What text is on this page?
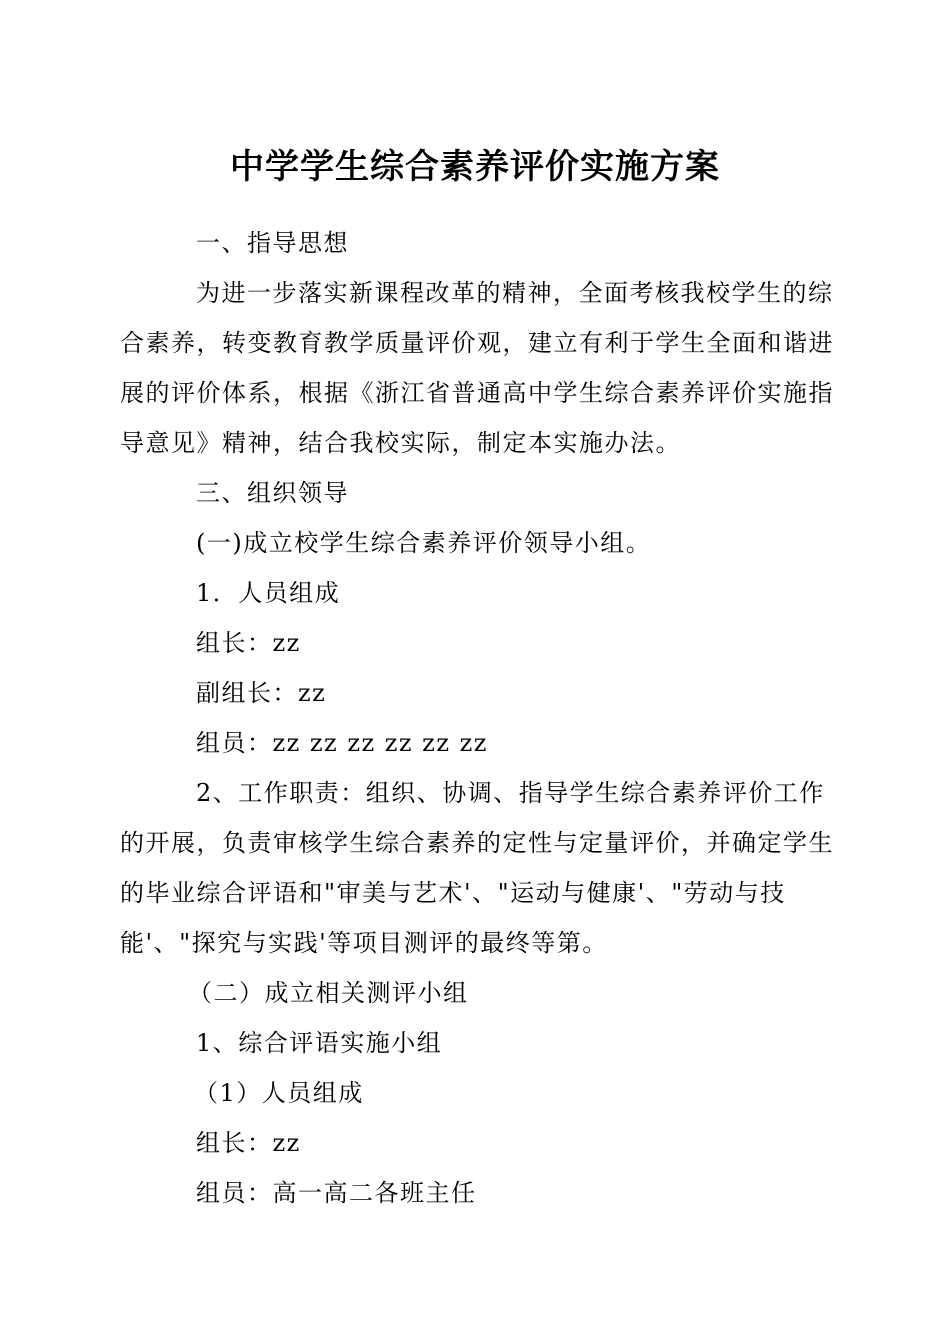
中学学生综合素养评价实施方案
一、指导思想
为进一步落实新课程改革的精神，全面考核我校学生的综
合素养，转变教育教学质量评价观，建立有利于学生全面和谐进
展的评价体系，根据《浙江省普通高中学生综合素养评价实施指
导意见》精神，结合我校实际，制定本实施办法。
三、组织领导
(一)成立校学生综合素养评价领导小组。
1．人员组成
组长：zz
副组长：zz
组员：zz zz zz zz zz zz
2、工作职责：组织、协调、指导学生综合素养评价工作
的开展，负责审核学生综合素养的定性与定量评价，并确定学生
的毕业综合评语和"审美与艺术'、"运动与健康'、"劳动与技
能'、"探究与实践'等项目测评的最终等第。
（二）成立相关测评小组
1、综合评语实施小组
（1）人员组成
组长：zz
组员：高一高二各班主任
